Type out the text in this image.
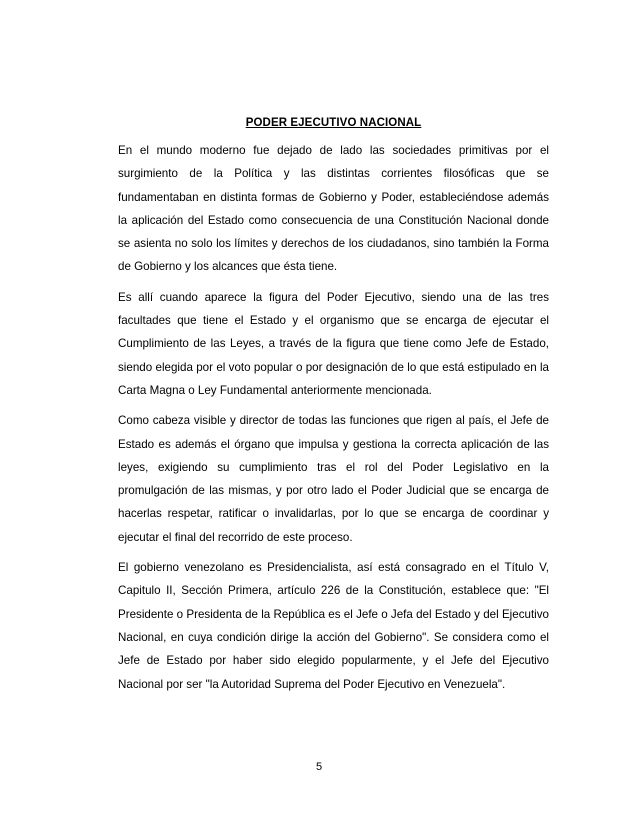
PODER EJECUTIVO NACIONAL

En el mundo moderno fue dejado de lado las sociedades primitivas por el surgimiento de la Política y las distintas corrientes filosóficas que se fundamentaban en distinta formas de Gobierno y Poder, estableciéndose además la aplicación del Estado como consecuencia de una Constitución Nacional donde se asienta no solo los límites y derechos de los ciudadanos, sino también la Forma de Gobierno y los alcances que ésta tiene.

Es allí cuando aparece la figura del Poder Ejecutivo, siendo una de las tres facultades que tiene el Estado y el organismo que se encarga de ejecutar el Cumplimiento de las Leyes, a través de la figura que tiene como Jefe de Estado, siendo elegida por el voto popular o por designación de lo que está estipulado en la Carta Magna o Ley Fundamental anteriormente mencionada.

Como cabeza visible y director de todas las funciones que rigen al país, el Jefe de Estado es además el órgano que impulsa y gestiona la correcta aplicación de las leyes, exigiendo su cumplimiento tras el rol del Poder Legislativo en la promulgación de las mismas, y por otro lado el Poder Judicial que se encarga de hacerlas respetar, ratificar o invalidarlas, por lo que se encarga de coordinar y ejecutar el final del recorrido de este proceso.

El gobierno venezolano es Presidencialista, así está consagrado en el Título V, Capitulo II, Sección Primera, artículo 226 de la Constitución, establece que: "El Presidente o Presidenta de la República es el Jefe o Jefa del Estado y del Ejecutivo Nacional, en cuya condición dirige la acción del Gobierno". Se considera como el Jefe de Estado por haber sido elegido popularmente, y el Jefe del Ejecutivo Nacional por ser "la Autoridad Suprema del Poder Ejecutivo en Venezuela".

5
